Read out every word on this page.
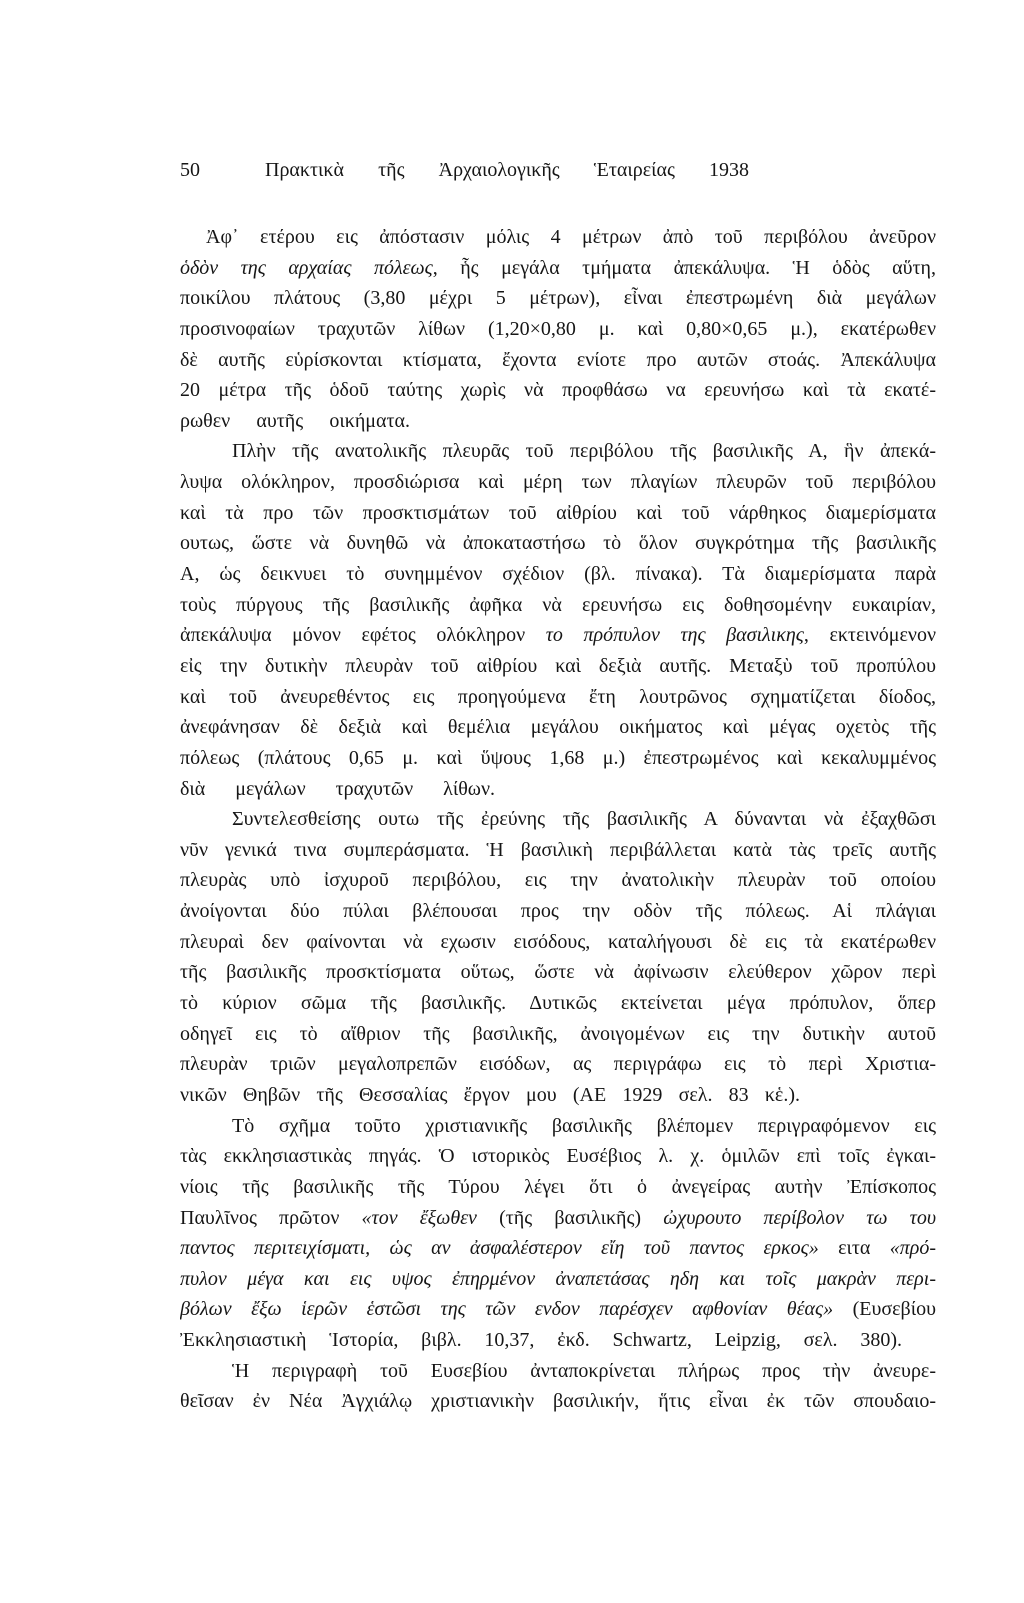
50	Πρακτικὰ τῆς Ἀρχαιολογικῆς Ἑταιρείας 1938
Ἀφ᾽ ετέρου εις ἀπόστασιν μόλις 4 μέτρων ἀπὸ τοῦ περιβόλου ἀνεῦρον
ὁδὸν της αρχαίας πόλεως, ἧς μεγάλα τμήματα ἀπεκάλυψα. Ἡ ὁδὸς αὕτη,
ποικίλου πλάτους (3,80 μέχρι 5 μέτρων), εἶναι ἐπεστρωμένη διὰ μεγάλων
προσινοφαίων τραχυτῶν λίθων (1,20×0,80 μ. καὶ 0,80×0,65 μ.), εκατέρωθεν
δὲ αυτῆς εὑρίσκονται κτίσματα, ἔχοντα ενίοτε προ αυτῶν στοάς. Ἀπεκάλυψα
20 μέτρα τῆς ὁδοῦ ταύτης χωρὶς νὰ προφθάσω να ερευνήσω καὶ τὰ εκατέ-
ρωθεν αυτῆς οικήματα.
Πλὴν τῆς ανατολικῆς πλευρᾶς τοῦ περιβόλου τῆς βασιλικῆς Α, ἣν ἀπεκά-
λυψα ολόκληρον, προσδιώρισα καὶ μέρη των πλαγίων πλευρῶν τοῦ περιβόλου
καὶ τὰ προ τῶν προσκτισμάτων τοῦ αἰθρίου καὶ τοῦ νάρθηκος διαμερίσματα
ουτως, ὥστε νὰ δυνηθῶ νὰ ἀποκαταστήσω τὸ ὅλον συγκρότημα τῆς βασιλικῆς
Α, ὡς δεικνυει τὸ συνημμένον σχέδιον (βλ. πίνακα). Τὰ διαμερίσματα παρὰ
τοὺς πύργους τῆς βασιλικῆς ἀφῆκα νὰ ερευνήσω εις δοθησομένην ευκαιρίαν,
ἀπεκάλυψα μόνον εφέτος ολόκληρον το πρόπυλον της βασιλικης, εκτεινόμενον
εἰς την δυτικὴν πλευρὰν τοῦ αἰθρίου καὶ δεξιὰ αυτῆς. Μεταξὺ τοῦ προπύλου
καὶ τοῦ ἀνευρεθέντος εις προηγούμενα ἔτη λουτρῶνος σχηματίζεται δίοδος,
ἀνεφάνησαν δὲ δεξιὰ καὶ θεμέλια μεγάλου οικήματος καὶ μέγας οχετὸς τῆς
πόλεως (πλάτους 0,65 μ. καὶ ὕψους 1,68 μ.) ἐπεστρωμένος καὶ κεκαλυμμένος
διὰ μεγάλων τραχυτῶν λίθων.
Συντελεσθείσης ουτω τῆς ἐρεύνης τῆς βασιλικῆς Α δύνανται νὰ ἐξαχθῶσι
νῦν γενικά τινα συμπεράσματα. Ἡ βασιλικὴ περιβάλλεται κατὰ τὰς τρεῖς αυτῆς
πλευρὰς υπὸ ἰσχυροῦ περιβόλου, εις την ἀνατολικὴν πλευρὰν τοῦ οποίου
ἀνοίγονται δύο πύλαι βλέπουσαι προς την οδὸν τῆς πόλεως. Αἱ πλάγιαι
πλευραὶ δεν φαίνονται νὰ εχωσιν εισόδους, καταλήγουσι δὲ εις τὰ εκατέρωθεν
τῆς βασιλικῆς προσκτίσματα οὕτως, ὥστε νὰ ἀφίνωσιν ελεύθερον χῶρον περὶ
τὸ κύριον σῶμα τῆς βασιλικῆς. Δυτικῶς εκτείνεται μέγα πρόπυλον, ὅπερ
οδηγεῖ εις τὸ αἴθριον τῆς βασιλικῆς, ἀνοιγομένων εις την δυτικὴν αυτοῦ
πλευρὰν τριῶν μεγαλοπρεπῶν εισόδων, ας περιγράφω εις τὸ περὶ Χριστια-
νικῶν Θηβῶν τῆς Θεσσαλίας ἔργον μου (ΑΕ 1929 σελ. 83 κἑ.).
Τὸ σχῆμα τοῦτο χριστιανικῆς βασιλικῆς βλέπομεν περιγραφόμενον εις
τὰς εκκλησιαστικὰς πηγάς. Ὁ ιστορικὸς Ευσέβιος λ. χ. ὁμιλῶν επὶ τοῖς ἐγκαι-
νίοις τῆς βασιλικῆς τῆς Τύρου λέγει ὅτι ὁ ἀνεγείρας αυτὴν Ἐπίσκοπος
Παυλῖνος πρῶτον «τον ἔξωθεν (τῆς βασιλικῆς) ὠχυρουτο περίβολον τω του
παντος περιτειχίσματι, ὡς αν ἀσφαλέστερον εἴη τοῦ παντος ερκος» ειτα «πρό-
πυλον μέγα και εις υψος ἐπηρμένον ἀναπετάσας ηδη και τοῖς μακρὰν περι-
βόλων ἔξω ἱερῶν ἑστῶσι της τῶν ενδον παρέσχεν αφθονίαν θέας» (Ευσεβίου
Ἐκκλησιαστικὴ Ἱστορία, βιβλ. 10,37, ἐκδ. Schwartz, Leipzig, σελ. 380).
Ἡ περιγραφὴ τοῦ Ευσεβίου ἀνταποκρίνεται πλήρως προς τὴν ἀνευρε-
θεῖσαν ἐν Νέα Ἀγχιάλῳ χριστιανικὴν βασιλικήν, ἥτις εἶναι ἐκ τῶν σπουδαιο-
